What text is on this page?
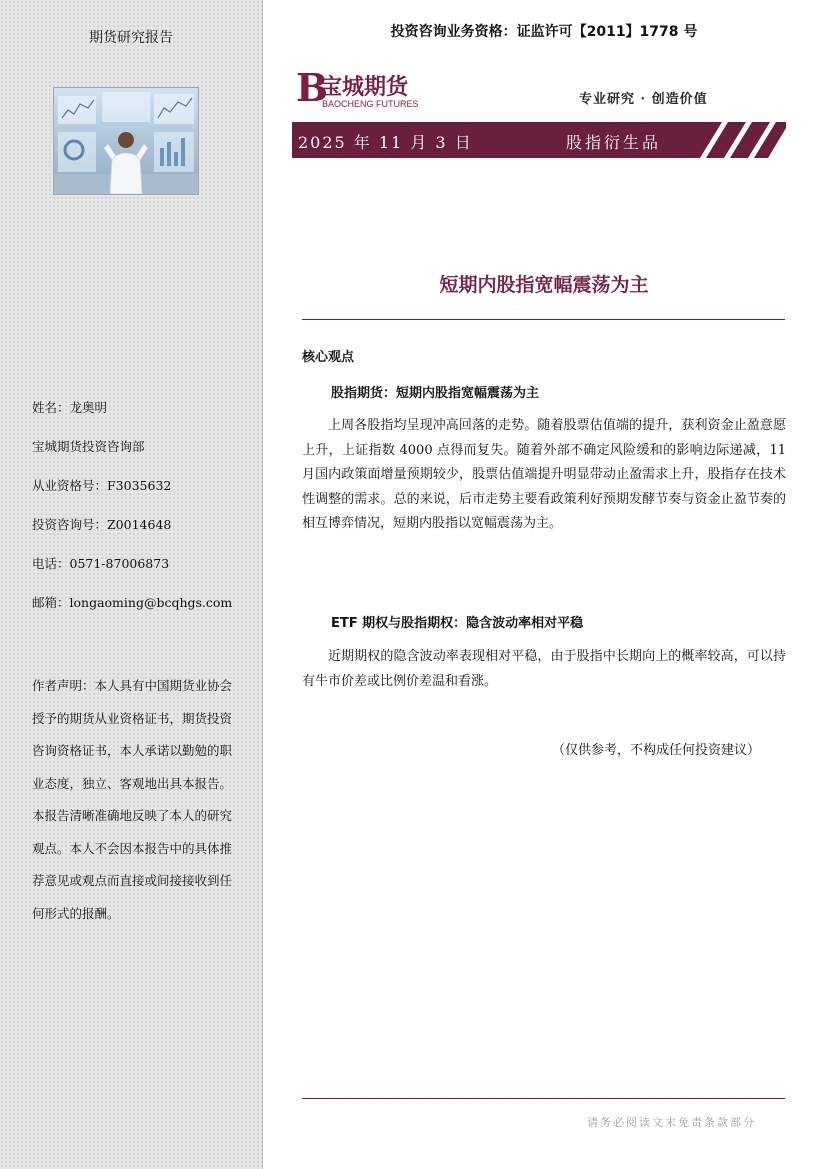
期货研究报告
姓名：龙奥明
宝城期货投资咨询部
从业资格号：F3035632
投资咨询号：Z0014648
电话：0571-87006873
邮箱：longaoming@bcqhgs.com
作者声明：本人具有中国期货业协会授予的期货从业资格证书，期货投资咨询资格证书，本人承诺以勤勉的职业态度，独立、客观地出具本报告。本报告清晰准确地反映了本人的研究观点。本人不会因本报告中的具体推荐意见或观点而直接或间接接收到任何形式的报酬。
投资咨询业务资格：证监许可【2011】1778 号
B
宝城期货
BAOCHENG FUTURES	专业研究 · 创造价值
2025 年 11 月 3 日	股指衍生品
短期内股指宽幅震荡为主
核心观点
股指期货：短期内股指宽幅震荡为主
上周各股指均呈现冲高回落的走势。随着股票估值端的提升，获利资金止盈意愿上升，上证指数 4000 点得而复失。随着外部不确定风险缓和的影响边际递减，11 月国内政策面增量预期较少，股票估值端提升明显带动止盈需求上升，股指存在技术性调整的需求。总的来说，后市走势主要看政策利好预期发酵节奏与资金止盈节奏的相互博弈情况，短期内股指以宽幅震荡为主。
ETF 期权与股指期权：隐含波动率相对平稳
近期期权的隐含波动率表现相对平稳，由于股指中长期向上的概率较高，可以持有牛市价差或比例价差温和看涨。
（仅供参考，不构成任何投资建议）
请务必阅读文末免责条款部分
